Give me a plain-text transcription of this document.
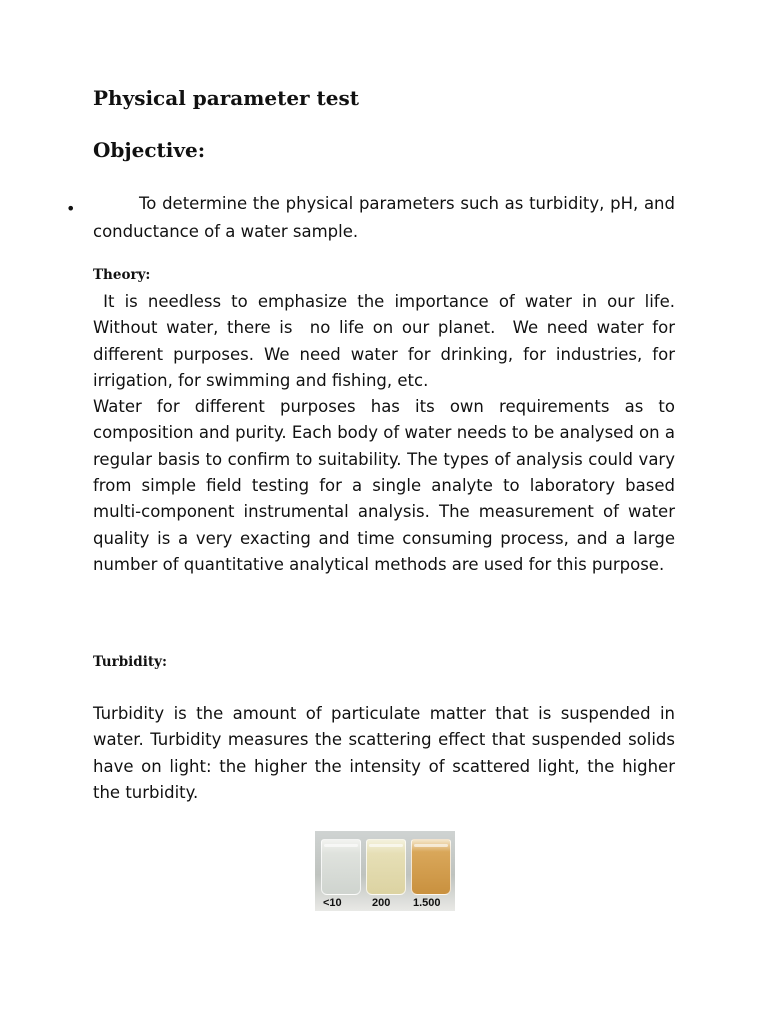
Physical parameter test
Objective:
•	To determine the physical parameters such as turbidity, pH, and conductance of a water sample.

Theory:

It is needless to emphasize the importance of water in our life. Without water, there is  no life on our planet.  We need water for different purposes. We need water for drinking, for industries, for irrigation, for swimming and fishing, etc.

Water for different purposes has its own requirements as to composition and purity. Each body of water needs to be analysed on a regular basis to confirm to suitability. The types of analysis could vary from simple field testing for a single analyte to laboratory based multi-component instrumental analysis. The measurement of water quality is a very exacting and time consuming process, and a large number of quantitative analytical methods are used for this purpose.

Turbidity:

Turbidity is the amount of particulate matter that is suspended in water. Turbidity measures the scattering effect that suspended solids have on light: the higher the intensity of scattered light, the higher the turbidity.

<10	200 1.500
